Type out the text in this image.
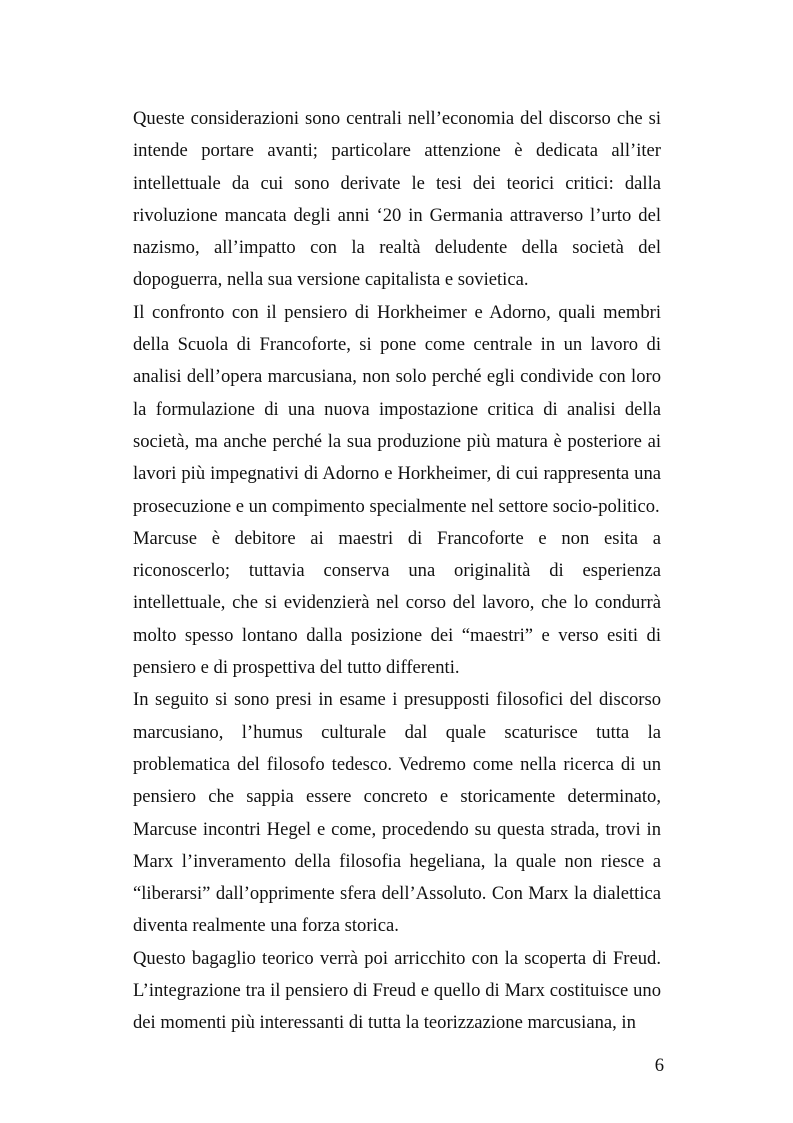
Queste considerazioni sono centrali nell’economia del discorso che si intende portare avanti; particolare attenzione è dedicata all’iter intellettuale da cui sono derivate le tesi dei teorici critici: dalla rivoluzione mancata degli anni ‘20 in Germania attraverso l’urto del nazismo, all’impatto con la realtà deludente della società del dopoguerra, nella sua versione capitalista e sovietica.

Il confronto con il pensiero di Horkheimer e Adorno, quali membri della Scuola di Francoforte, si pone come centrale in un lavoro di analisi dell’opera marcusiana, non solo perché egli condivide con loro la formulazione di una nuova impostazione critica di analisi della società, ma anche perché la sua produzione più matura è posteriore ai lavori più impegnativi di Adorno e Horkheimer, di cui rappresenta una prosecuzione e un compimento specialmente nel settore socio-politico.

Marcuse è debitore ai maestri di Francoforte e non esita a riconoscerlo; tuttavia conserva una originalità di esperienza intellettuale, che si evidenzierà nel corso del lavoro, che lo condurrà molto spesso lontano dalla posizione dei “maestri” e verso esiti di pensiero e di prospettiva del tutto differenti.

In seguito si sono presi in esame i presupposti filosofici del discorso marcusiano, l’humus culturale dal quale scaturisce tutta la problematica del filosofo tedesco. Vedremo come nella ricerca di un pensiero che sappia essere concreto e storicamente determinato, Marcuse incontri Hegel e come, procedendo su questa strada, trovi in Marx l’inveramento della filosofia hegeliana, la quale non riesce a “liberarsi” dall’opprimente sfera dell’Assoluto. Con Marx la dialettica diventa realmente una forza storica.

Questo bagaglio teorico verrà poi arricchito con la scoperta di Freud. L’integrazione tra il pensiero di Freud e quello di Marx costituisce uno dei momenti più interessanti di tutta la teorizzazione marcusiana, in

6
